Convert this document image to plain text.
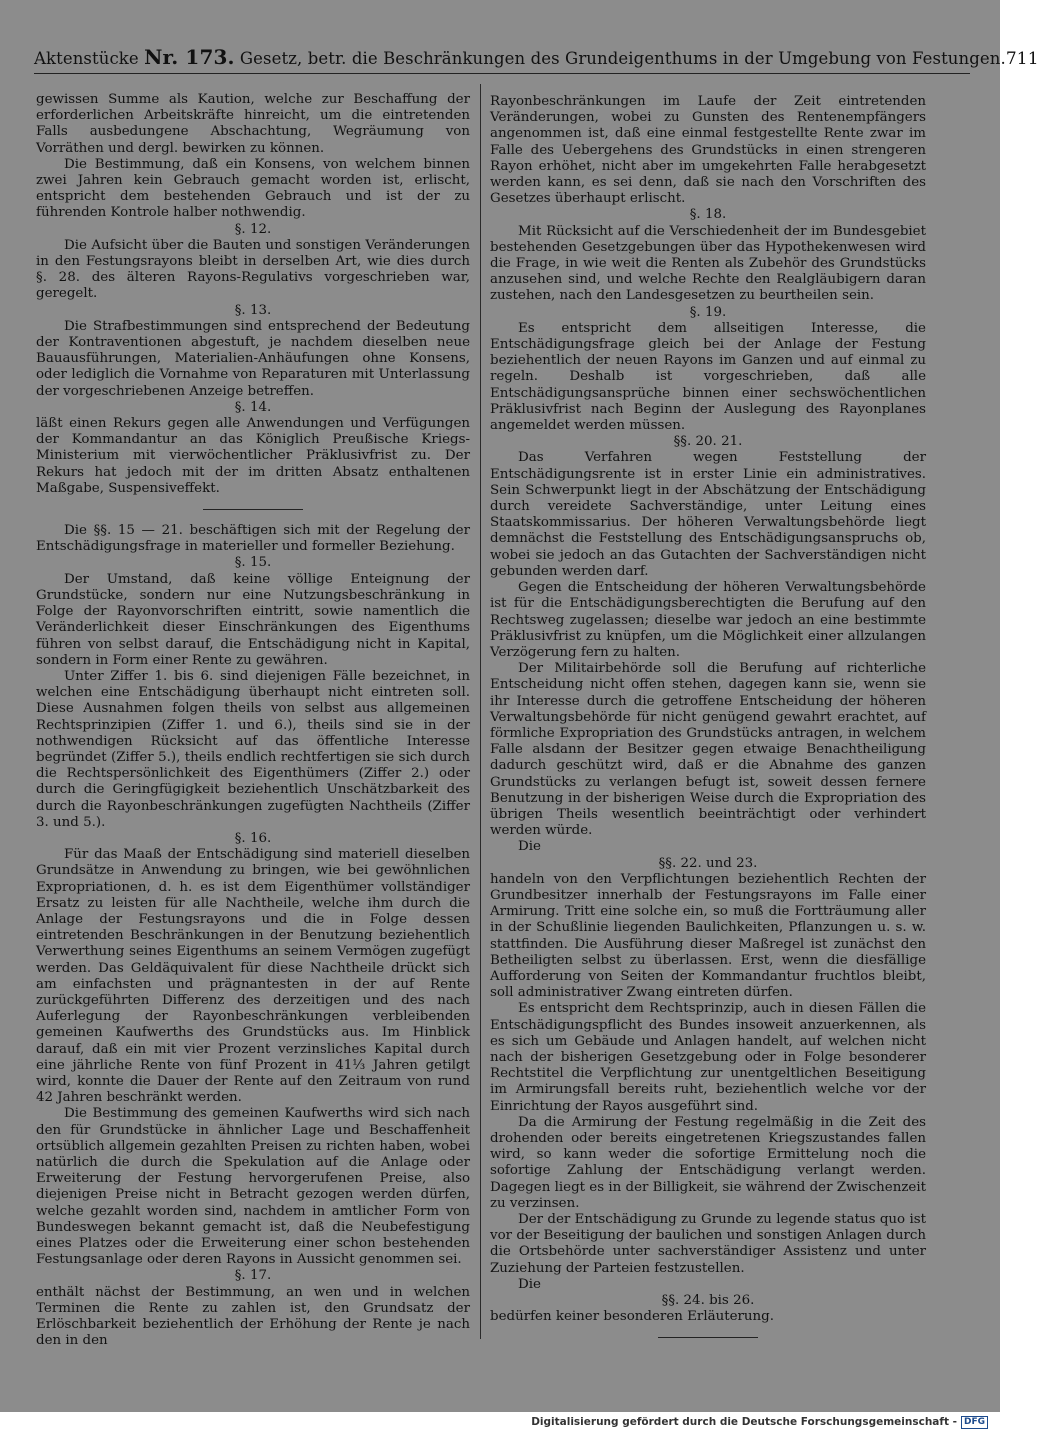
Aktenstücke Nr. 173. Gesetz, betr. die Beschränkungen des Grundeigenthums in der Umgebung von Festungen. 711

gewissen Summe als Kaution, welche zur Beschaffung der erforderlichen Arbeitskräfte hinreicht, um die eintretenden Falls ausbedungene Abschachtung, Wegräumung von Vorräthen und dergl. bewirken zu können.

Die Bestimmung, daß ein Konsens, von welchem binnen zwei Jahren kein Gebrauch gemacht worden ist, erlischt, entspricht dem bestehenden Gebrauch und ist der zu führenden Kontrole halber nothwendig.

§. 12.

Die Aufsicht über die Bauten und sonstigen Veränderungen in den Festungsrayons bleibt in derselben Art, wie dies durch §. 28. des älteren Rayons-Regulativs vorgeschrieben war, geregelt.

§. 13.

Die Strafbestimmungen sind entsprechend der Bedeutung der Kontraventionen abgestuft, je nachdem dieselben neue Bauausführungen, Materialien-Anhäufungen ohne Konsens, oder lediglich die Vornahme von Reparaturen mit Unterlassung der vorgeschriebenen Anzeige betreffen.

§. 14.

läßt einen Rekurs gegen alle Anwendungen und Verfügungen der Kommandantur an das Königlich Preußische Kriegs-Ministerium mit vierwöchentlicher Präklusivfrist zu. Der Rekurs hat jedoch mit der im dritten Absatz enthaltenen Maßgabe, Suspensiveffekt.

Die §§. 15 — 21. beschäftigen sich mit der Regelung der Entschädigungsfrage in materieller und formeller Beziehung.

§. 15.

Der Umstand, daß keine völlige Enteignung der Grundstücke, sondern nur eine Nutzungsbeschränkung in Folge der Rayonvorschriften eintritt, sowie namentlich die Veränderlichkeit dieser Einschränkungen des Eigenthums führen von selbst darauf, die Entschädigung nicht in Kapital, sondern in Form einer Rente zu gewähren.

Unter Ziffer 1. bis 6. sind diejenigen Fälle bezeichnet, in welchen eine Entschädigung überhaupt nicht eintreten soll. Diese Ausnahmen folgen theils von selbst aus allgemeinen Rechtsprinzipien (Ziffer 1. und 6.), theils sind sie in der nothwendigen Rücksicht auf das öffentliche Interesse begründet (Ziffer 5.), theils endlich rechtfertigen sie sich durch die Rechtspersönlichkeit des Eigenthümers (Ziffer 2.) oder durch die Geringfügigkeit beziehentlich Unschätzbarkeit des durch die Rayonbeschränkungen zugefügten Nachtheils (Ziffer 3. und 5.).

§. 16.

Für das Maaß der Entschädigung sind materiell dieselben Grundsätze in Anwendung zu bringen, wie bei gewöhnlichen Expropriationen, d. h. es ist dem Eigenthümer vollständiger Ersatz zu leisten für alle Nachtheile, welche ihm durch die Anlage der Festungsrayons und die in Folge dessen eintretenden Beschränkungen in der Benutzung beziehentlich Verwerthung seines Eigenthums an seinem Vermögen zugefügt werden. Das Geldäquivalent für diese Nachtheile drückt sich am einfachsten und prägnantesten in der auf Rente zurückgeführten Differenz des derzeitigen und des nach Auferlegung der Rayonbeschränkungen verbleibenden gemeinen Kaufwerths des Grundstücks aus. Im Hinblick darauf, daß ein mit vier Prozent verzinsliches Kapital durch eine jährliche Rente von fünf Prozent in 41⅓ Jahren getilgt wird, konnte die Dauer der Rente auf den Zeitraum von rund 42 Jahren beschränkt werden.

Die Bestimmung des gemeinen Kaufwerths wird sich nach den für Grundstücke in ähnlicher Lage und Beschaffenheit ortsüblich allgemein gezahlten Preisen zu richten haben, wobei natürlich die durch die Spekulation auf die Anlage oder Erweiterung der Festung hervorgerufenen Preise, also diejenigen Preise nicht in Betracht gezogen werden dürfen, welche gezahlt worden sind, nachdem in amtlicher Form von Bundeswegen bekannt gemacht ist, daß die Neubefestigung eines Platzes oder die Erweiterung einer schon bestehenden Festungsanlage oder deren Rayons in Aussicht genommen sei.

§. 17.

enthält nächst der Bestimmung, an wen und in welchen Terminen die Rente zu zahlen ist, den Grundsatz der Erlöschbarkeit beziehentlich der Erhöhung der Rente je nach den in den

Rayonbeschränkungen im Laufe der Zeit eintretenden Veränderungen, wobei zu Gunsten des Rentenempfängers angenommen ist, daß eine einmal festgestellte Rente zwar im Falle des Uebergehens des Grundstücks in einen strengeren Rayon erhöhet, nicht aber im umgekehrten Falle herabgesetzt werden kann, es sei denn, daß sie nach den Vorschriften des Gesetzes überhaupt erlischt.

§. 18.

Mit Rücksicht auf die Verschiedenheit der im Bundesgebiet bestehenden Gesetzgebungen über das Hypothekenwesen wird die Frage, in wie weit die Renten als Zubehör des Grundstücks anzusehen sind, und welche Rechte den Realgläubigern daran zustehen, nach den Landesgesetzen zu beurtheilen sein.

§. 19.

Es entspricht dem allseitigen Interesse, die Entschädigungsfrage gleich bei der Anlage der Festung beziehentlich der neuen Rayons im Ganzen und auf einmal zu regeln. Deshalb ist vorgeschrieben, daß alle Entschädigungsansprüche binnen einer sechswöchentlichen Präklusivfrist nach Beginn der Auslegung des Rayonplanes angemeldet werden müssen.

§§. 20. 21.

Das Verfahren wegen Feststellung der Entschädigungsrente ist in erster Linie ein administratives. Sein Schwerpunkt liegt in der Abschätzung der Entschädigung durch vereidete Sachverständige, unter Leitung eines Staatskommissarius. Der höheren Verwaltungsbehörde liegt demnächst die Feststellung des Entschädigungsanspruchs ob, wobei sie jedoch an das Gutachten der Sachverständigen nicht gebunden werden darf.

Gegen die Entscheidung der höheren Verwaltungsbehörde ist für die Entschädigungsberechtigten die Berufung auf den Rechtsweg zugelassen; dieselbe war jedoch an eine bestimmte Präklusivfrist zu knüpfen, um die Möglichkeit einer allzulangen Verzögerung fern zu halten.

Der Militairbehörde soll die Berufung auf richterliche Entscheidung nicht offen stehen, dagegen kann sie, wenn sie ihr Interesse durch die getroffene Entscheidung der höheren Verwaltungsbehörde für nicht genügend gewahrt erachtet, auf förmliche Expropriation des Grundstücks antragen, in welchem Falle alsdann der Besitzer gegen etwaige Benachtheiligung dadurch geschützt wird, daß er die Abnahme des ganzen Grundstücks zu verlangen befugt ist, soweit dessen fernere Benutzung in der bisherigen Weise durch die Expropriation des übrigen Theils wesentlich beeinträchtigt oder verhindert werden würde.

Die

§§. 22. und 23.

handeln von den Verpflichtungen beziehentlich Rechten der Grundbesitzer innerhalb der Festungsrayons im Falle einer Armirung. Tritt eine solche ein, so muß die Fortträumung aller in der Schußlinie liegenden Baulichkeiten, Pflanzungen u. s. w. stattfinden. Die Ausführung dieser Maßregel ist zunächst den Betheiligten selbst zu überlassen. Erst, wenn die diesfällige Aufforderung von Seiten der Kommandantur fruchtlos bleibt, soll administrativer Zwang eintreten dürfen.

Es entspricht dem Rechtsprinzip, auch in diesen Fällen die Entschädigungspflicht des Bundes insoweit anzuerkennen, als es sich um Gebäude und Anlagen handelt, auf welchen nicht nach der bisherigen Gesetzgebung oder in Folge besonderer Rechtstitel die Verpflichtung zur unentgeltlichen Beseitigung im Armirungsfall bereits ruht, beziehentlich welche vor der Einrichtung der Rayos ausgeführt sind.

Da die Armirung der Festung regelmäßig in die Zeit des drohenden oder bereits eingetretenen Kriegszustandes fallen wird, so kann weder die sofortige Ermittelung noch die sofortige Zahlung der Entschädigung verlangt werden. Dagegen liegt es in der Billigkeit, sie während der Zwischenzeit zu verzinsen.

Der der Entschädigung zu Grunde zu legende status quo ist vor der Beseitigung der baulichen und sonstigen Anlagen durch die Ortsbehörde unter sachverständiger Assistenz und unter Zuziehung der Parteien festzustellen.

Die

§§. 24. bis 26.

bedürfen keiner besonderen Erläuterung.

Digitalisierung gefördert durch die Deutsche Forschungsgemeinschaft - DFG
